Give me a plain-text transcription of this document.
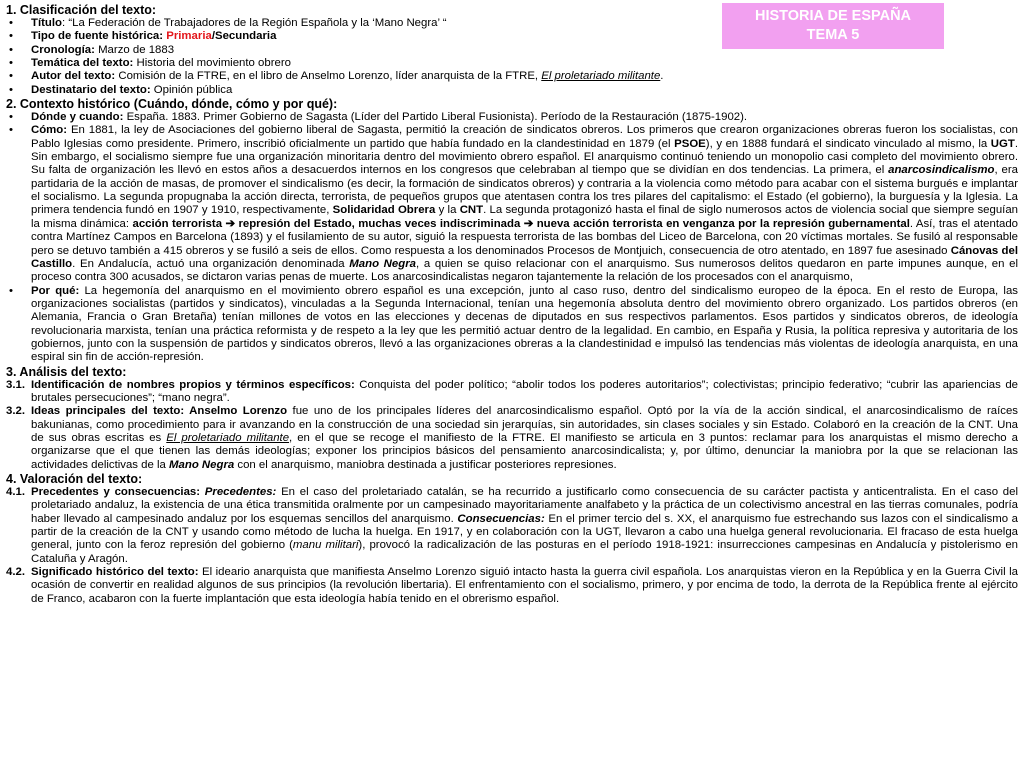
HISTORIA DE ESPAÑA
TEMA 5
1. Clasificación del texto:
• Título: “La Federación de Trabajadores de la Región Española y la ‘Mano Negra’ “
• Tipo de fuente histórica: Primaria/Secundaria
• Cronología: Marzo de 1883
• Temática del texto: Historia del movimiento obrero
• Autor del texto: Comisión de la FTRE, en el libro de Anselmo Lorenzo, líder anarquista de la FTRE, El proletariado militante.
• Destinatario del texto: Opinión pública
2. Contexto histórico (Cuándo, dónde, cómo y por qué):
• Dónde y cuando: España. 1883. Primer Gobierno de Sagasta (Líder del Partido Liberal Fusionista). Período de la Restauración (1875-1902).
• Cómo: En 1881, la ley de Asociaciones del gobierno liberal de Sagasta, permitió la creación de sindicatos obreros. Los primeros que crearon organizaciones obreras fueron los socialistas, con Pablo Iglesias como presidente. Primero, inscribió oficialmente un partido que había fundado en la clandestinidad en 1879 (el PSOE), y en 1888 fundará el sindicato vinculado al mismo, la UGT. Sin embargo, el socialismo siempre fue una organización minoritaria dentro del movimiento obrero español. El anarquismo continuó teniendo un monopolio casi completo del movimiento obrero. Su falta de organización les llevó en estos años a desacuerdos internos en los congresos que celebraban al tiempo que se dividían en dos tendencias. La primera, el anarcosindicalismo, era partidaria de la acción de masas, de promover el sindicalismo (es decir, la formación de sindicatos obreros) y contraria a la violencia como método para acabar con el sistema burgués e implantar el socialismo. La segunda propugnaba la acción directa, terrorista, de pequeños grupos que atentasen contra los tres pilares del capitalismo: el Estado (el gobierno), la burguesía y la Iglesia. La primera tendencia fundó en 1907 y 1910, respectivamente, Solidaridad Obrera y la CNT. La segunda protagonizó hasta el final de siglo numerosos actos de violencia social que siempre seguían la misma dinámica: acción terrorista ➔ represión del Estado, muchas veces indiscriminada ➔ nueva acción terrorista en venganza por la represión gubernamental. Así, tras el atentado contra Martínez Campos en Barcelona (1893) y el fusilamiento de su autor, siguió la respuesta terrorista de las bombas del Liceo de Barcelona, con 20 víctimas mortales. Se fusiló al responsable pero se detuvo también a 415 obreros y se fusiló a seis de ellos. Como respuesta a los denominados Procesos de Montjuich, consecuencia de otro atentado, en 1897 fue asesinado Cánovas del Castillo. En Andalucía, actuó una organización denominada Mano Negra, a quien se quiso relacionar con el anarquismo. Sus numerosos delitos quedaron en parte impunes aunque, en el proceso contra 300 acusados, se dictaron varias penas de muerte. Los anarcosindicalistas negaron tajantemente la relación de los procesados con el anarquismo,
• Por qué: La hegemonía del anarquismo en el movimiento obrero español es una excepción, junto al caso ruso, dentro del sindicalismo europeo de la época. En el resto de Europa, las organizaciones socialistas (partidos y sindicatos), vinculadas a la Segunda Internacional, tenían una hegemonía absoluta dentro del movimiento obrero organizado. Los partidos obreros (en Alemania, Francia o Gran Bretaña) tenían millones de votos en las elecciones y decenas de diputados en sus respectivos parlamentos. Esos partidos y sindicatos obreros, de ideología revolucionaria marxista, tenían una práctica reformista y de respeto a la ley que les permitió actuar dentro de la legalidad. En cambio, en España y Rusia, la política represiva y autoritaria de los gobiernos, junto con la suspensión de partidos y sindicatos obreros, llevó a las organizaciones obreras a la clandestinidad e impulsó las tendencias más violentas de ideología anarquista, en una espiral sin fin de acción-represión.
3. Análisis del texto:
3.1. Identificación de nombres propios y términos específicos: Conquista del poder político; “abolir todos los poderes autoritarios”; colectivistas; principio federativo; “cubrir las apariencias de brutales persecuciones”; “mano negra”.
3.2. Ideas principales del texto: Anselmo Lorenzo fue uno de los principales líderes del anarcosindicalismo español. Optó por la vía de la acción sindical, el anarcosindicalismo de raíces bakunianas, como procedimiento para ir avanzando en la construcción de una sociedad sin jerarquías, sin autoridades, sin clases sociales y sin Estado. Colaboró en la creación de la CNT. Una de sus obras escritas es El proletariado militante, en el que se recoge el manifiesto de la FTRE. El manifiesto se articula en 3 puntos: reclamar para los anarquistas el mismo derecho a organizarse que el que tienen las demás ideologías; exponer los principios básicos del pensamiento anarcosindicalista; y, por último, denunciar la maniobra por la que se relacionan las actividades delictivas de la Mano Negra con el anarquismo, maniobra destinada a justificar posteriores represiones.
4. Valoración del texto:
4.1. Precedentes y consecuencias: Precedentes: En el caso del proletariado catalán, se ha recurrido a justificarlo como consecuencia de su carácter pactista y anticentralista. En el caso del proletariado andaluz, la existencia de una ética transmitida oralmente por un campesinado mayoritariamente analfabeto y la práctica de un colectivismo ancestral en las tierras comunales, podría haber llevado al campesinado andaluz por los esquemas sencillos del anarquismo. Consecuencias: En el primer tercio del s. XX, el anarquismo fue estrechando sus lazos con el sindicalismo a partir de la creación de la CNT y usando como método de lucha la huelga. En 1917, y en colaboración con la UGT, llevaron a cabo una huelga general revolucionaria. El fracaso de esta huelga general, junto con la feroz represión del gobierno (manu militari), provocó la radicalización de las posturas en el período 1918-1921: insurrecciones campesinas en Andalucía y pistolerismo en Cataluña y Aragón.
4.2. Significado histórico del texto: El ideario anarquista que manifiesta Anselmo Lorenzo siguió intacto hasta la guerra civil española. Los anarquistas vieron en la República y en la Guerra Civil la ocasión de convertir en realidad algunos de sus principios (la revolución libertaria). El enfrentamiento con el socialismo, primero, y por encima de todo, la derrota de la República frente al ejército de Franco, acabaron con la fuerte implantación que esta ideología había tenido en el obrerismo español.
